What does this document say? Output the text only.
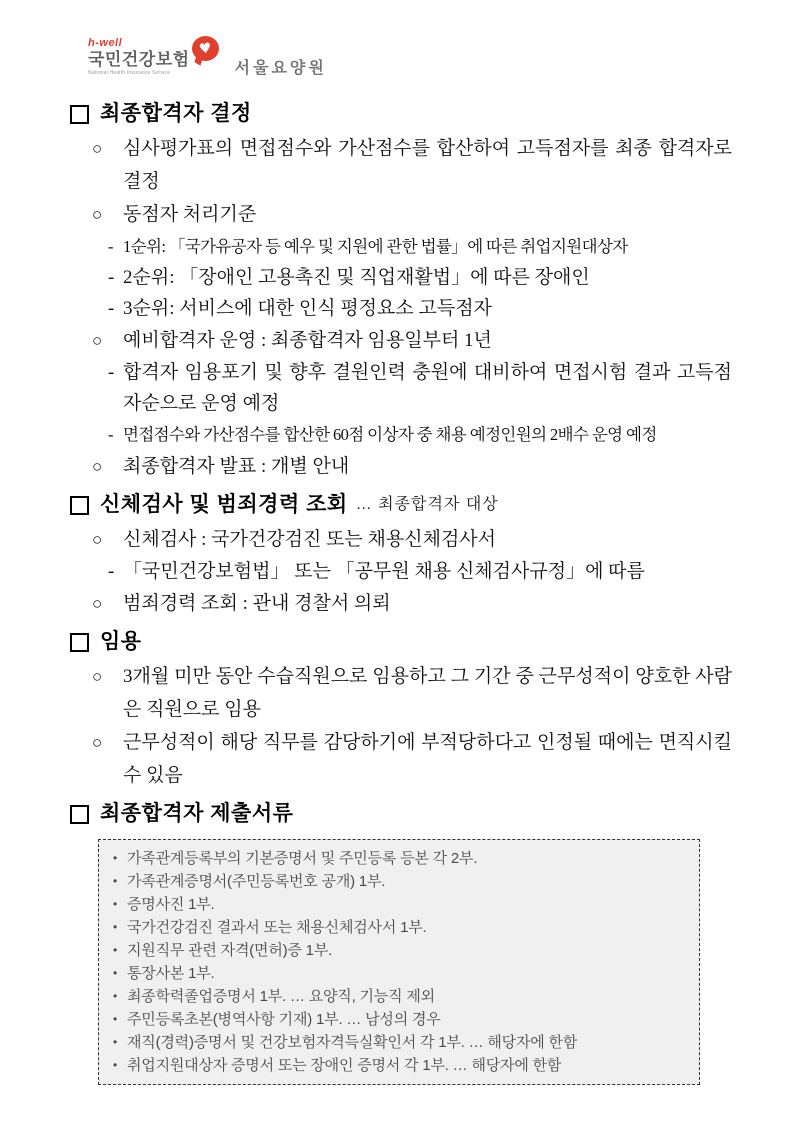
h-well
국민건강보험
National Health Insurance Service
♥
서울요양원
최종합격자 결정
○	심사평가표의 면접점수와 가산점수를 합산하여 고득점자를 최종 합격자로 결정
○	동점자 처리기준
- 1순위: 「국가유공자 등 예우 및 지원에 관한 법률」에 따른 취업지원대상자
- 2순위: 「장애인 고용촉진 및 직업재활법」에 따른 장애인
- 3순위: 서비스에 대한 인식 평정요소 고득점자
○	예비합격자 운영 : 최종합격자 임용일부터 1년
- 합격자 임용포기 및 향후 결원인력 충원에 대비하여 면접시험 결과 고득점자순으로 운영 예정
- 면접점수와 가산점수를 합산한 60점 이상자 중 채용 예정인원의 2배수 운영 예정
○	최종합격자 발표 : 개별 안내
신체검사 및 범죄경력 조회 … 최종합격자 대상
○	신체검사 : 국가건강검진 또는 채용신체검사서
- 「국민건강보험법」 또는 「공무원 채용 신체검사규정」에 따름
○	범죄경력 조회 : 관내 경찰서 의뢰
임용
○	3개월 미만 동안 수습직원으로 임용하고 그 기간 중 근무성적이 양호한 사람은 직원으로 임용
○	근무성적이 해당 직무를 감당하기에 부적당하다고 인정될 때에는 면직시킬 수 있음
최종합격자 제출서류
• 가족관계등록부의 기본증명서 및 주민등록 등본 각 2부.
• 가족관계증명서(주민등록번호 공개) 1부.
• 증명사진 1부.
• 국가건강검진 결과서 또는 채용신체검사서 1부.
• 지원직무 관련 자격(면허)증 1부.
• 통장사본 1부.
• 최종학력졸업증명서 1부. … 요양직, 기능직 제외
• 주민등록초본(병역사항 기재) 1부. … 남성의 경우
• 재직(경력)증명서 및 건강보험자격득실확인서 각 1부. … 해당자에 한함
• 취업지원대상자 증명서 또는 장애인 증명서 각 1부. … 해당자에 한함
